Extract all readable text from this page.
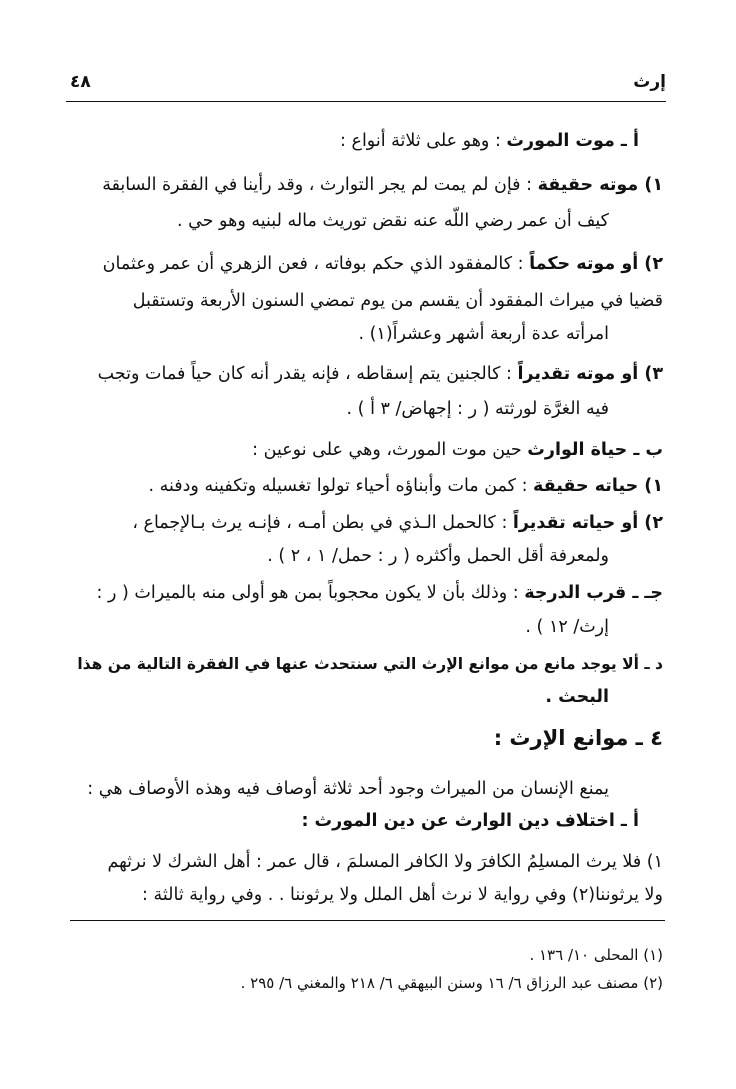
إرث
٤٨
أ ـ موت المورث : وهو على ثلاثة أنواع :
١) موته حقيقة : فإن لم يمت لم يجر التوارث ، وقد رأينا في الفقرة السابقة
كيف أن عمر رضي اللّه عنه نقض توريث ماله لبنيه وهو حي .
٢) أو موته حكماً : كالمفقود الذي حكم بوفاته ، فعن الزهري أن عمر وعثمان
قضيا في ميراث المفقود أن يقسم من يوم تمضي السنون الأربعة وتستقبل
امرأته عدة أربعة أشهر وعشراً(١) .
٣) أو موته تقديراً : كالجنين يتم إسقاطه ، فإنه يقدر أنه كان حياً فمات وتجب
فيه الغرَّة لورثته ( ر : إجهاض/ ٣ أ ) .
ب ـ حياة الوارث حين موت المورث، وهي على نوعين :
١) حياته حقيقة : كمن مات وأبناؤه أحياء تولوا تغسيله وتكفينه ودفنه .
٢) أو حياته تقديراً : كالحمل الـذي في بطن أمـه ، فإنـه يرث بـالإجماع ،
ولمعرفة أقل الحمل وأكثره ( ر : حمل/ ١ ، ٢ ) .
جـ ـ قرب الدرجة : وذلك بأن لا يكون محجوباً بمن هو أولى منه بالميراث ( ر :
إرث/ ١٢ ) .
د ـ ألا يوجد مانع من موانع الإرث التي سنتحدث عنها في الفقرة التالية من هذا
البحث .
٤ ـ موانع الإرث :
يمنع الإنسان من الميراث وجود أحد ثلاثة أوصاف فيه وهذه الأوصاف هي :
أ ـ اختلاف دين الوارث عن دين المورث :
١) فلا يرث المسلِمُ الكافرَ ولا الكافر المسلمَ ، قال عمر : أهل الشرك لا نرثهم
ولا يرثوننا(٢) وفي رواية لا نرث أهل الملل ولا يرثوننا . . وفي رواية ثالثة :
(١) المحلى ١٠/ ١٣٦ .
(٢) مصنف عبد الرزاق ٦/ ١٦ وسنن البيهقي ٦/ ٢١٨ والمغني ٦/ ٢٩٥ .
